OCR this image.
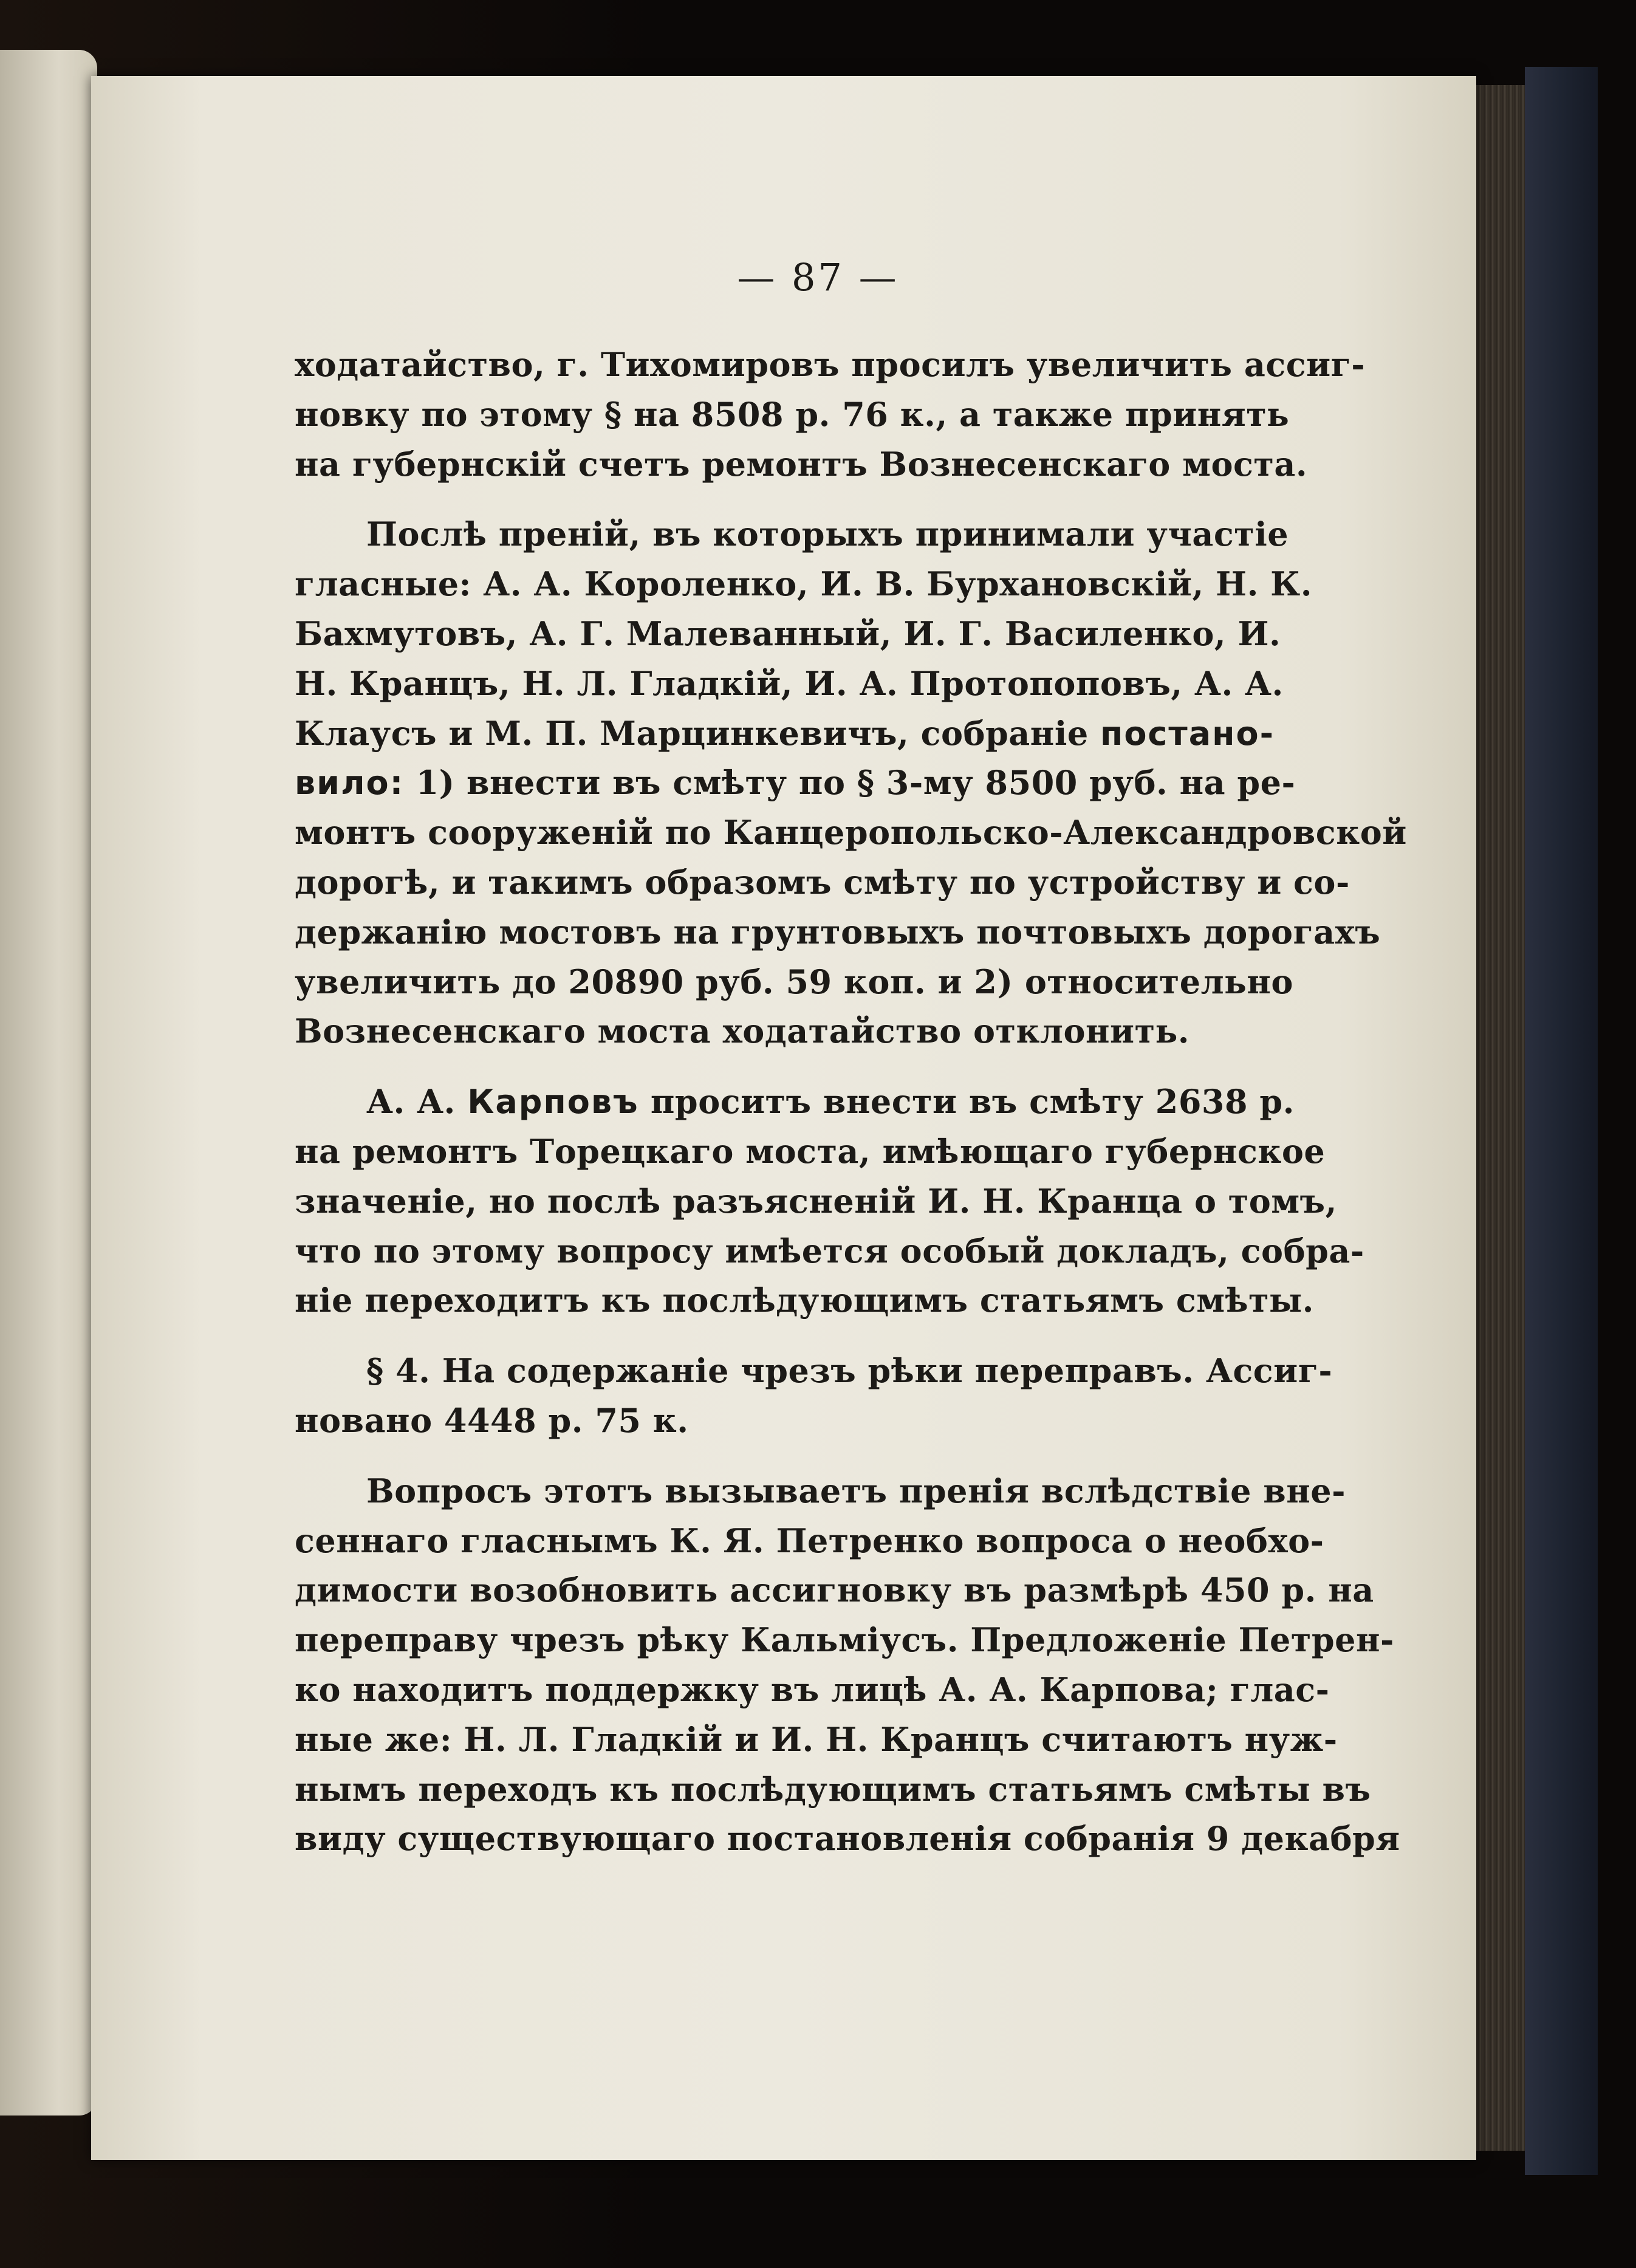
— 87 —
ходатайство, г. Тихомировъ просилъ увеличить ассиг-
новку по этому § на 8508 р. 76 к., а также принять
на губернскій счетъ ремонтъ Вознесенскаго моста.
Послѣ преній, въ которыхъ принимали участіе
гласные: А. А. Короленко, И. В. Бурхановскій, Н. К.
Бахмутовъ, А. Г. Малеванный, И. Г. Василенко, И.
Н. Кранцъ, Н. Л. Гладкій, И. А. Протопоповъ, А. А.
Клаусъ и М. П. Марцинкевичъ, собраніе постано-
вило: 1) внести въ смѣту по § 3-му 8500 руб. на ре-
монтъ сооруженій по Канцеропольско-Александровской
дорогѣ, и такимъ образомъ смѣту по устройству и со-
держанію мостовъ на грунтовыхъ почтовыхъ дорогахъ
увеличить до 20890 руб. 59 коп. и 2) относительно
Вознесенскаго моста ходатайство отклонить.
А. А. Карповъ проситъ внести въ смѣту 2638 р.
на ремонтъ Торецкаго моста, имѣющаго губернское
значеніе, но послѣ разъясненій И. Н. Кранца о томъ,
что по этому вопросу имѣется особый докладъ, собра-
ніе переходитъ къ послѣдующимъ статьямъ смѣты.
§ 4. На содержаніе чрезъ рѣки переправъ. Ассиг-
новано 4448 р. 75 к.
Вопросъ этотъ вызываетъ пренія вслѣдствіе вне-
сеннаго гласнымъ К. Я. Петренко вопроса о необхо-
димости возобновить ассигновку въ размѣрѣ 450 р. на
переправу чрезъ рѣку Кальміусъ. Предложеніе Петрен-
ко находитъ поддержку въ лицѣ А. А. Карпова; глас-
ные же: Н. Л. Гладкій и И. Н. Кранцъ считаютъ нуж-
нымъ переходъ къ послѣдующимъ статьямъ смѣты въ
виду существующаго постановленія собранія 9 декабря
